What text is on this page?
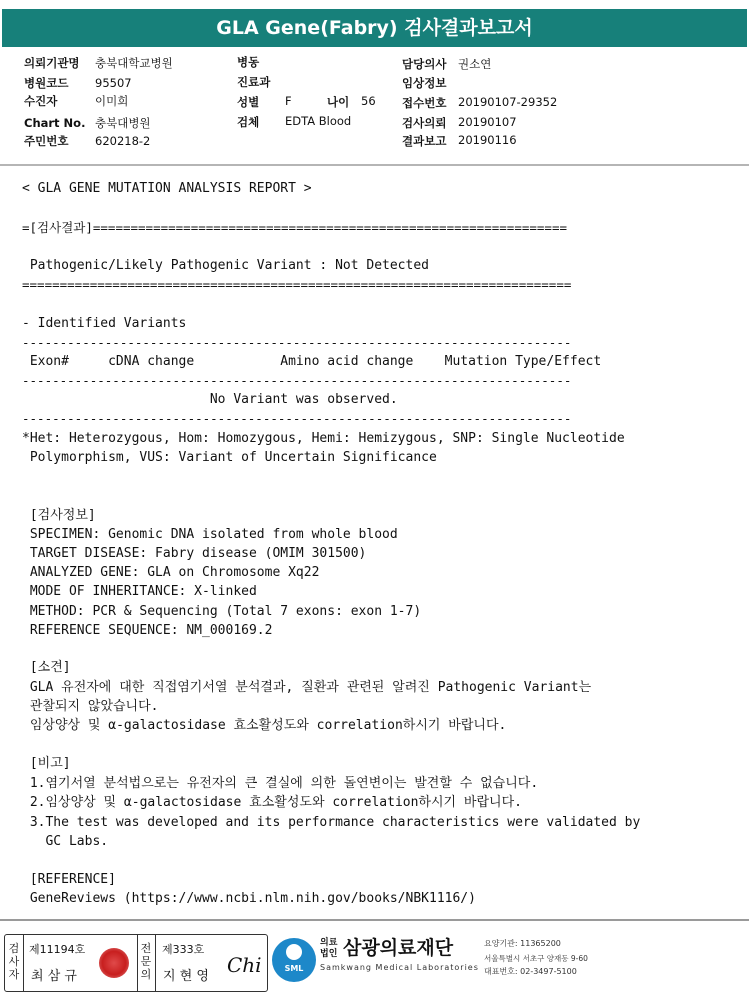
GLA Gene(Fabry) 검사결과보고서
의뢰기관명 충북대학교병원
병원코드 95507
수진자	이미희
Chart No. 충북대병원
주민번호 620218-2
병동
진료과
성별 F	나이 56
검체 EDTA Blood
담당의사 권소연
임상정보
접수번호 20190107-29352
검사의뢰 20190107
결과보고 20190116
< GLA GENE MUTATION ANALYSIS REPORT >
=[검사결과]===============================================================
Pathogenic/Likely Pathogenic Variant : Not Detected
=========================================================================
- Identified Variants
-------------------------------------------------------------------------
Exon#     cDNA change           Amino acid change    Mutation Type/Effect
-------------------------------------------------------------------------
No Variant was observed.
-------------------------------------------------------------------------
*Het: Heterozygous, Hom: Homozygous, Hemi: Hemizygous, SNP: Single Nucleotide
Polymorphism, VUS: Variant of Uncertain Significance
[검사정보]
SPECIMEN: Genomic DNA isolated from whole blood
TARGET DISEASE: Fabry disease (OMIM 301500)
ANALYZED GENE: GLA on Chromosome Xq22
MODE OF INHERITANCE: X-linked
METHOD: PCR & Sequencing (Total 7 exons: exon 1-7)
REFERENCE SEQUENCE: NM_000169.2
[소견]
GLA 유전자에 대한 직접염기서열 분석결과, 질환과 관련된 알려진 Pathogenic Variant는
관찰되지 않았습니다.
임상양상 및 α-galactosidase 효소활성도와 correlation하시기 바랍니다.
[비고]
1.염기서열 분석법으로는 유전자의 큰 결실에 의한 돌연변이는 발견할 수 없습니다.
2.임상양상 및 α-galactosidase 효소활성도와 correlation하시기 바랍니다.
3.The test was developed and its performance characteristics were validated by
GC Labs.
[REFERENCE]
GeneReviews (https://www.ncbi.nlm.nih.gov/books/NBK1116/)
검사자
제11194호
최 삼 규
전문의
제333호
지 현 영 Chi	SML
의료
법인 삼광의료재단
Samkwang Medical Laboratories
요양기관: 11365200
서울특별시 서초구 양재동 9-60
대표번호: 02-3497-5100
